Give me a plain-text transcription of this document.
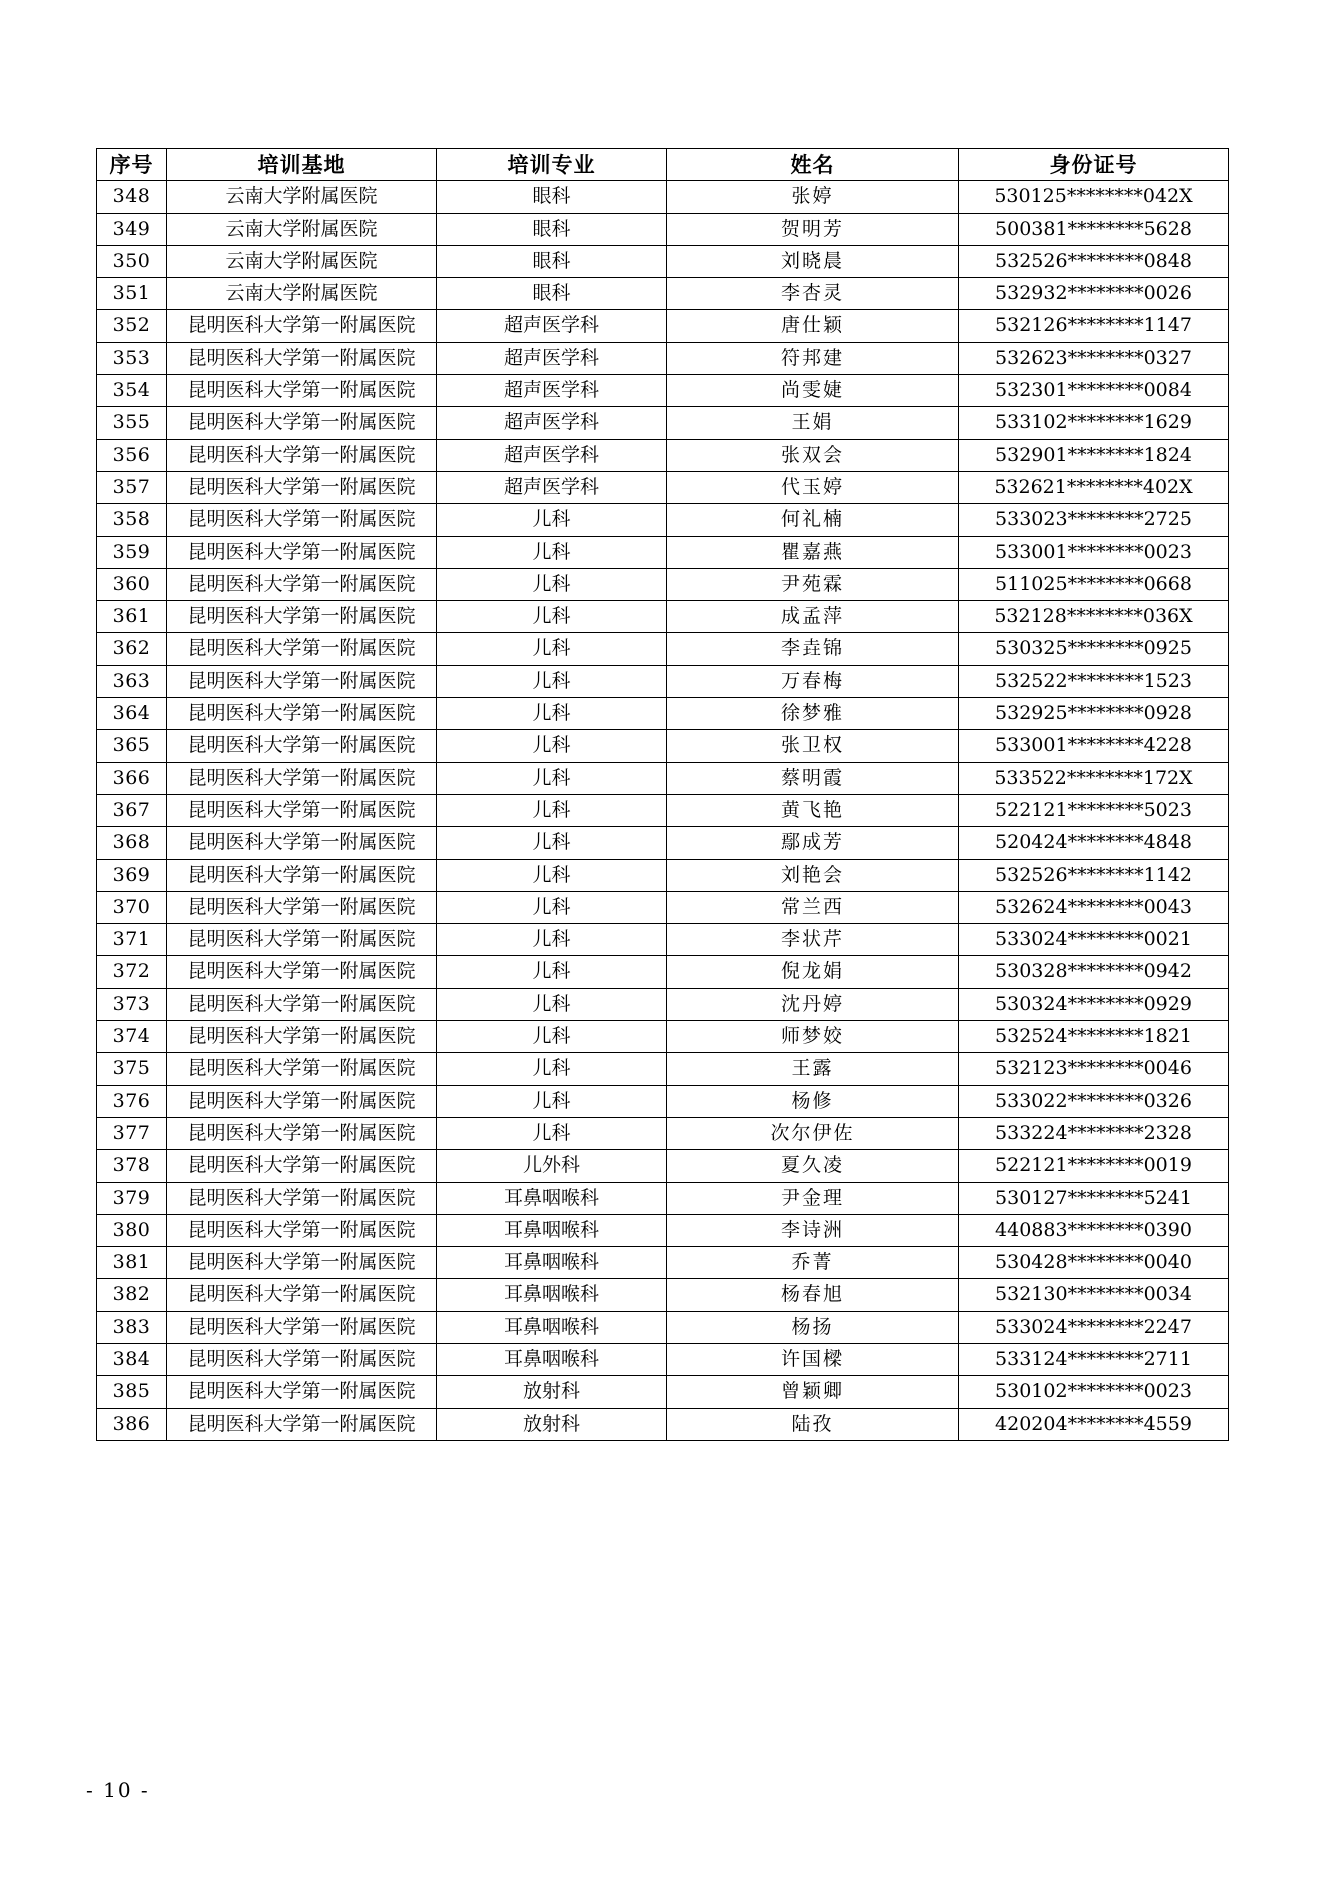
序号	培训基地	培训专业	姓名	身份证号
348	云南大学附属医院	眼科	张婷	530125********042X
349	云南大学附属医院	眼科	贺明芳	500381********5628
350	云南大学附属医院	眼科	刘晓晨	532526********0848
351	云南大学附属医院	眼科	李杏灵	532932********0026
352	昆明医科大学第一附属医院	超声医学科	唐仕颖	532126********1147
353	昆明医科大学第一附属医院	超声医学科	符邦建	532623********0327
354	昆明医科大学第一附属医院	超声医学科	尚雯婕	532301********0084
355	昆明医科大学第一附属医院	超声医学科	王娟	533102********1629
356	昆明医科大学第一附属医院	超声医学科	张双会	532901********1824
357	昆明医科大学第一附属医院	超声医学科	代玉婷	532621********402X
358	昆明医科大学第一附属医院	儿科	何礼楠	533023********2725
359	昆明医科大学第一附属医院	儿科	瞿嘉燕	533001********0023
360	昆明医科大学第一附属医院	儿科	尹苑霖	511025********0668
361	昆明医科大学第一附属医院	儿科	成孟萍	532128********036X
362	昆明医科大学第一附属医院	儿科	李垚锦	530325********0925
363	昆明医科大学第一附属医院	儿科	万春梅	532522********1523
364	昆明医科大学第一附属医院	儿科	徐梦雅	532925********0928
365	昆明医科大学第一附属医院	儿科	张卫权	533001********4228
366	昆明医科大学第一附属医院	儿科	蔡明霞	533522********172X
367	昆明医科大学第一附属医院	儿科	黄飞艳	522121********5023
368	昆明医科大学第一附属医院	儿科	鄢成芳	520424********4848
369	昆明医科大学第一附属医院	儿科	刘艳会	532526********1142
370	昆明医科大学第一附属医院	儿科	常兰西	532624********0043
371	昆明医科大学第一附属医院	儿科	李状芹	533024********0021
372	昆明医科大学第一附属医院	儿科	倪龙娟	530328********0942
373	昆明医科大学第一附属医院	儿科	沈丹婷	530324********0929
374	昆明医科大学第一附属医院	儿科	师梦姣	532524********1821
375	昆明医科大学第一附属医院	儿科	王露	532123********0046
376	昆明医科大学第一附属医院	儿科	杨修	533022********0326
377	昆明医科大学第一附属医院	儿科	次尔伊佐	533224********2328
378	昆明医科大学第一附属医院	儿外科	夏久凌	522121********0019
379	昆明医科大学第一附属医院	耳鼻咽喉科	尹金理	530127********5241
380	昆明医科大学第一附属医院	耳鼻咽喉科	李诗洲	440883********0390
381	昆明医科大学第一附属医院	耳鼻咽喉科	乔菁	530428********0040
382	昆明医科大学第一附属医院	耳鼻咽喉科	杨春旭	532130********0034
383	昆明医科大学第一附属医院	耳鼻咽喉科	杨扬	533024********2247
384	昆明医科大学第一附属医院	耳鼻咽喉科	许国樑	533124********2711
385	昆明医科大学第一附属医院	放射科	曾颖卿	530102********0023
386	昆明医科大学第一附属医院	放射科	陆孜	420204********4559
- 10 -
